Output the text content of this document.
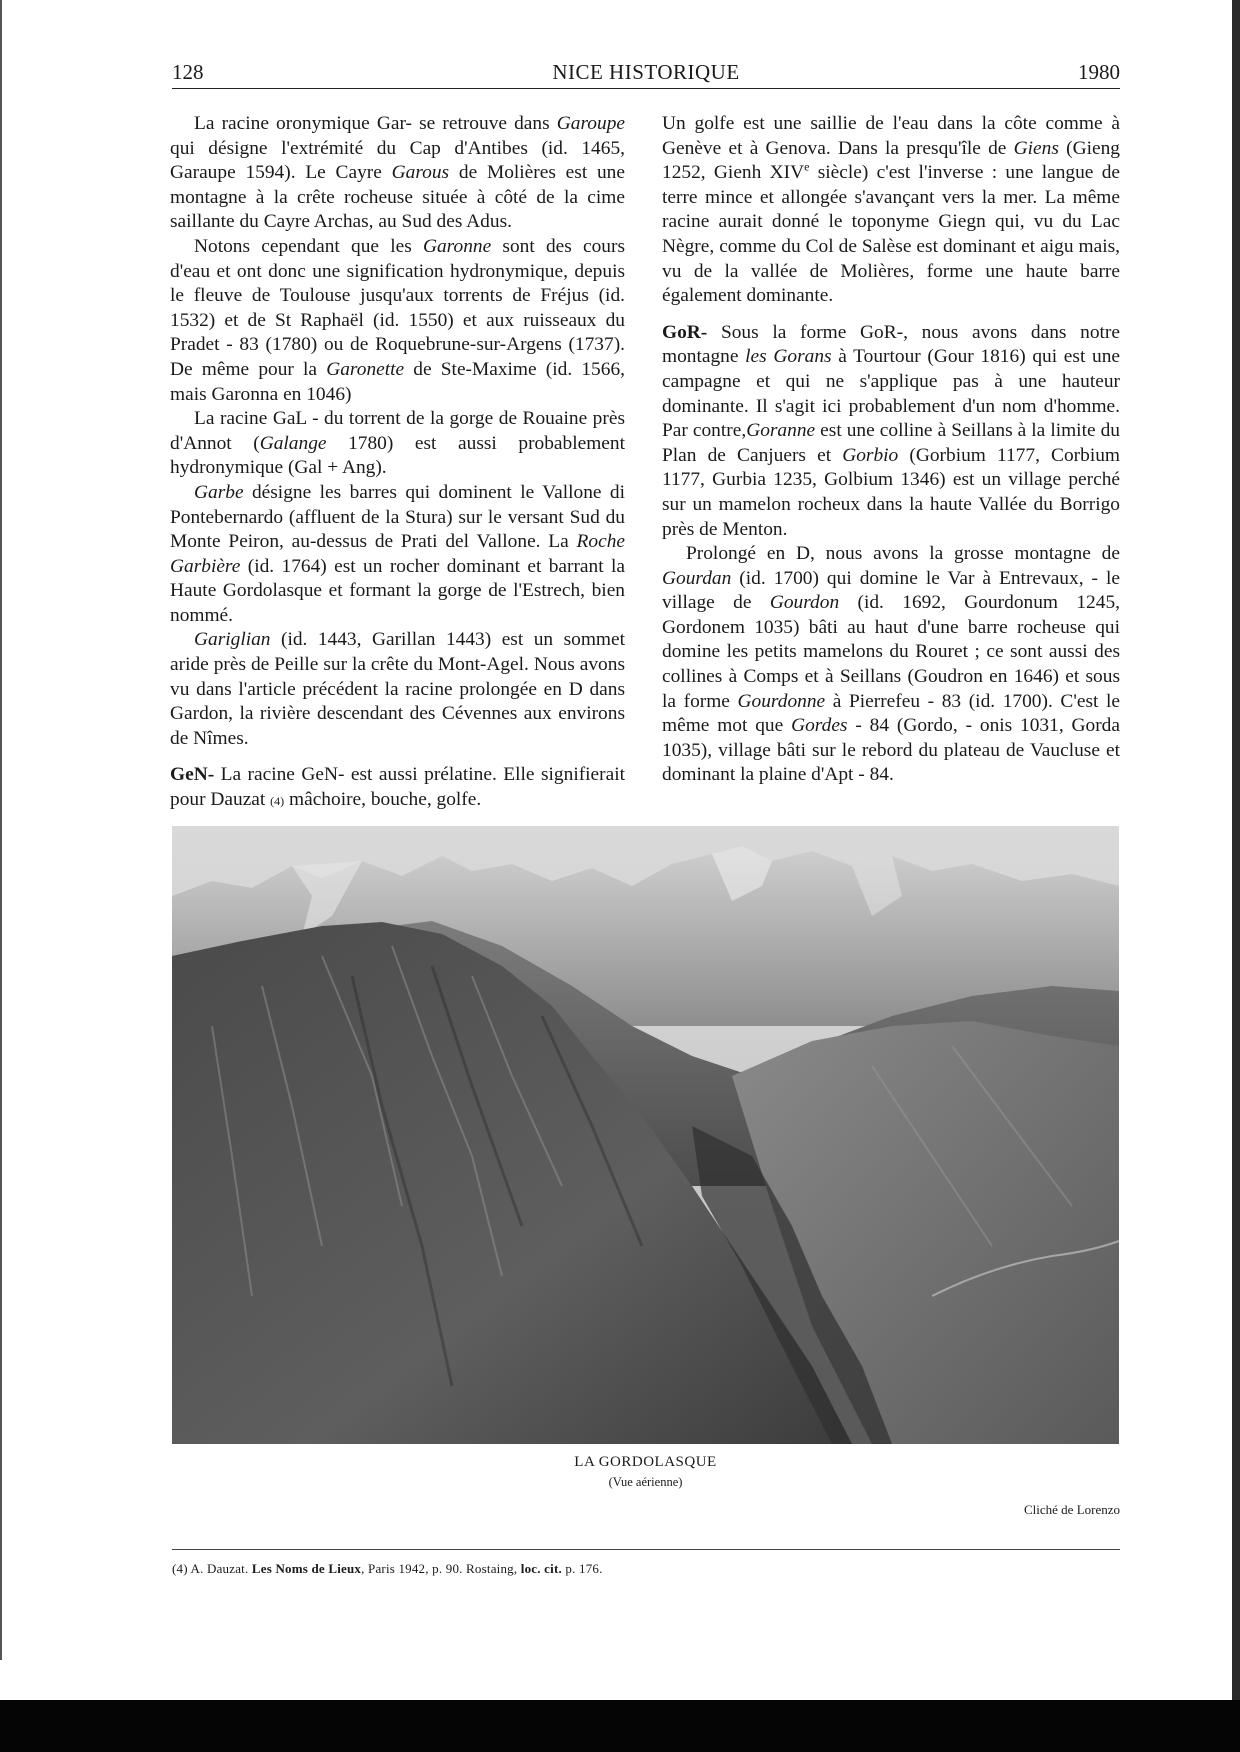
128	NICE HISTORIQUE	1980

La racine oronymique Gar- se retrouve dans Garoupe qui désigne l'extrémité du Cap d'Antibes (id. 1465, Garaupe 1594). Le Cayre Garous de Molières est une montagne à la crête rocheuse située à côté de la cime saillante du Cayre Archas, au Sud des Adus.

Notons cependant que les Garonne sont des cours d'eau et ont donc une signification hydronymique, depuis le fleuve de Toulouse jusqu'aux torrents de Fréjus (id. 1532) et de St Raphaël (id. 1550) et aux ruisseaux du Pradet - 83 (1780) ou de Roquebrune-sur-Argens (1737). De même pour la Garonette de Ste-Maxime (id. 1566, mais Garonna en 1046)

La racine GaL - du torrent de la gorge de Rouaine près d'Annot (Galange 1780) est aussi probablement hydronymique (Gal + Ang).

Garbe désigne les barres qui dominent le Vallone di Pontebernardo (affluent de la Stura) sur le versant Sud du Monte Peiron, au-dessus de Prati del Vallone. La Roche Garbière (id. 1764) est un rocher dominant et barrant la Haute Gordolasque et formant la gorge de l'Estrech, bien nommé.

Gariglian (id. 1443, Garillan 1443) est un sommet aride près de Peille sur la crête du Mont-Agel. Nous avons vu dans l'article précédent la racine prolongée en D dans Gardon, la rivière descendant des Cévennes aux environs de Nîmes.

GeN- La racine GeN- est aussi prélatine. Elle signifierait pour Dauzat (4) mâchoire, bouche, golfe.

Un golfe est une saillie de l'eau dans la côte comme à Genève et à Genova. Dans la presqu'île de Giens (Gieng 1252, Gienh XIVe siècle) c'est l'inverse : une langue de terre mince et allongée s'avançant vers la mer. La même racine aurait donné le toponyme Giegn qui, vu du Lac Nègre, comme du Col de Salèse est dominant et aigu mais, vu de la vallée de Molières, forme une haute barre également dominante.

GoR- Sous la forme GoR-, nous avons dans notre montagne les Gorans à Tourtour (Gour 1816) qui est une campagne et qui ne s'applique pas à une hauteur dominante. Il s'agit ici probablement d'un nom d'homme. Par contre,Goranne est une colline à Seillans à la limite du Plan de Canjuers et Gorbio (Gorbium 1177, Corbium 1177, Gurbia 1235, Golbium 1346) est un village perché sur un mamelon rocheux dans la haute Vallée du Borrigo près de Menton.

Prolongé en D, nous avons la grosse montagne de Gourdan (id. 1700) qui domine le Var à Entrevaux, - le village de Gourdon (id. 1692, Gourdonum 1245, Gordonem 1035) bâti au haut d'une barre rocheuse qui domine les petits mamelons du Rouret ; ce sont aussi des collines à Comps et à Seillans (Goudron en 1646) et sous la forme Gourdonne à Pierrefeu - 83 (id. 1700). C'est le même mot que Gordes - 84 (Gordo, - onis 1031, Gorda 1035), village bâti sur le rebord du plateau de Vaucluse et dominant la plaine d'Apt - 84.

LA GORDOLASQUE
(Vue aérienne)
Cliché de Lorenzo
(4) A. Dauzat. Les Noms de Lieux, Paris 1942, p. 90. Rostaing, loc. cit. p. 176.
